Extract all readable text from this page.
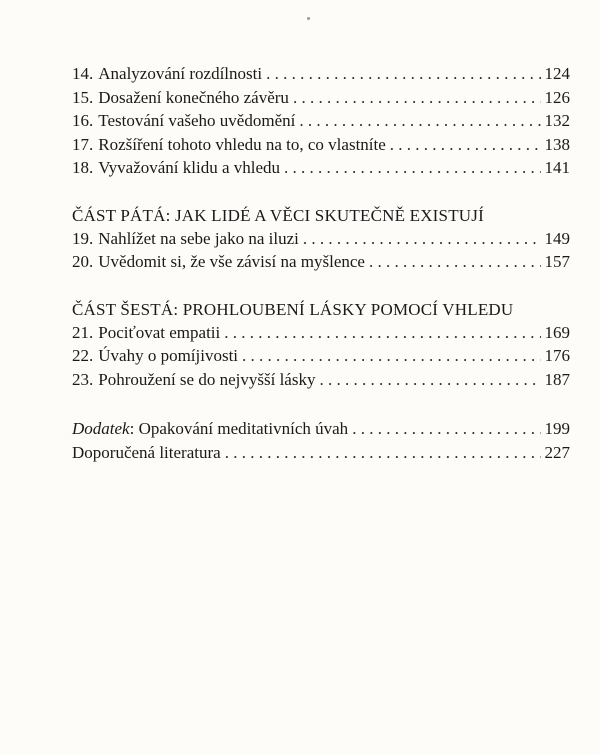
14. Analyzování rozdílnosti . . .	124
15. Dosažení konečného závěru . . .	126
16. Testování vašeho uvědomění . . .	132
17. Rozšíření tohoto vhledu na to, co vlastníte . . .	138
18. Vyvažování klidu a vhledu . . .	141
ČÁST PÁTÁ: JAK LIDÉ A VĚCI SKUTEČNĚ EXISTUJÍ
19. Nahlížet na sebe jako na iluzi . . .	149
20. Uvědomit si, že vše závisí na myšlence . . .	157
ČÁST ŠESTÁ: PROHLOUBENÍ LÁSKY POMOCÍ VHLEDU
21. Pociťovat empatii . . .	169
22. Úvahy o pomíjivosti . . .	176
23. Pohroužení se do nejvyšší lásky . . .	187
Dodatek: Opakování meditativních úvah . . .	199
Doporučená literatura . . .	227
